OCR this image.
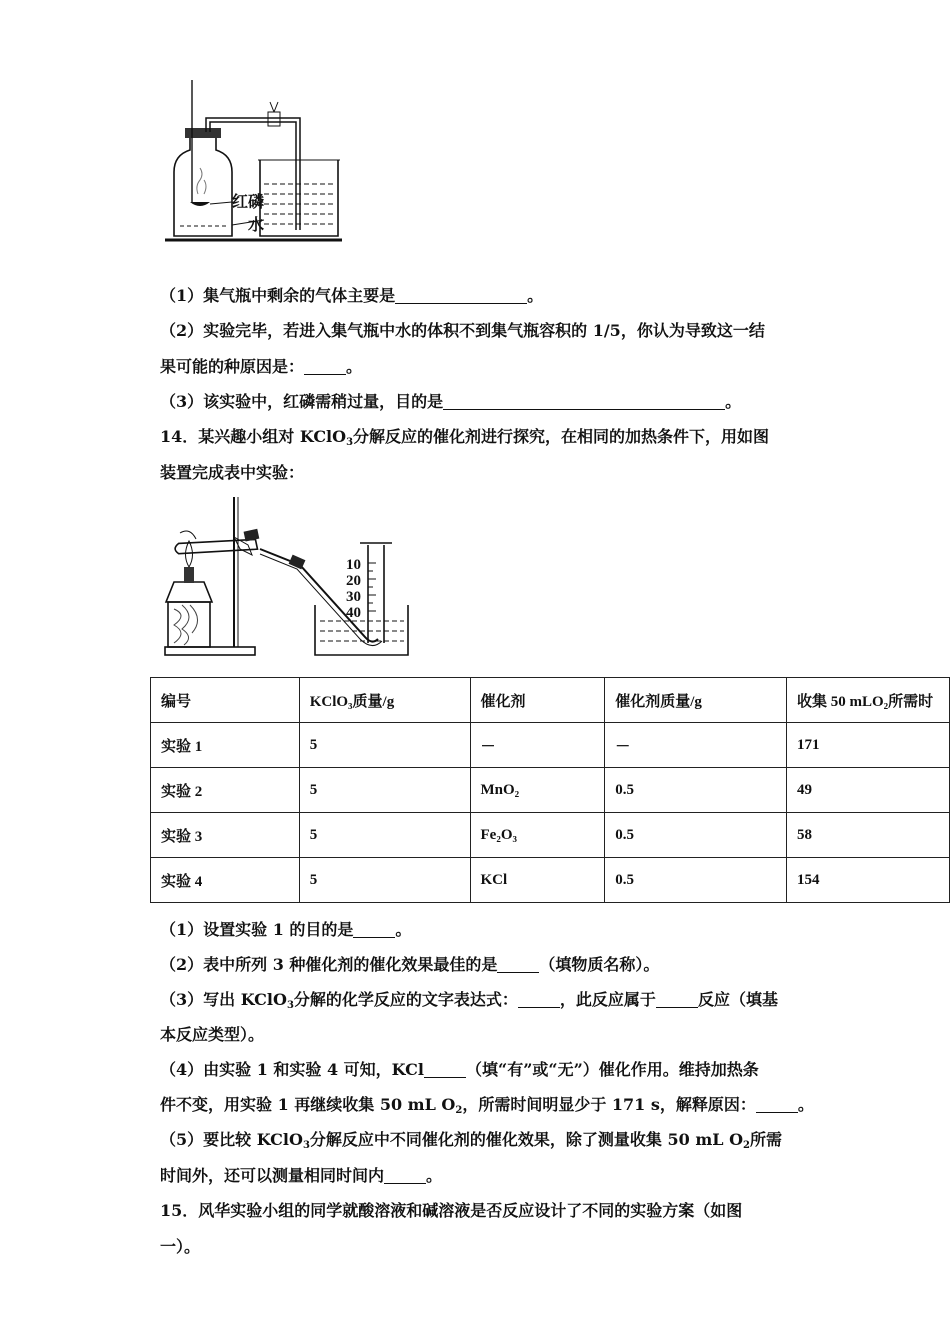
红磷
水
（1）集气瓶中剩余的气体主要是	。
（2）实验完毕，若进入集气瓶中水的体积不到集气瓶容积的 1/5，你认为导致这一结
果可能的种原因是：	。
（3）该实验中，红磷需稍过量，目的是	。
14．某兴趣小组对 KClO$_3$分解反应的催化剂进行探究，在相同的加热条件下，用如图
装置完成表中实验：
10
20
30
40
编号	KClO₃质量/g	催化剂	催化剂质量/g	收集 50 mLO₂所需时
实验 1	5	－	－	171
实验 2	5	MnO₂	0.5	49
实验 3	5	Fe₂O₃	0.5	58
实验 4	5	KCl	0.5	154
（1）设置实验 1 的目的是	。
（2）表中所列 3 种催化剂的催化效果最佳的是	（填物质名称）。
（3）写出 KClO$_3$分解的化学反应的文字表达式：	，此反应属于	反应（填基
本反应类型）。
（4）由实验 1 和实验 4 可知，KCl	（填“有”或“无”）催化作用。维持加热条
件不变，用实验 1 再继续收集 50 mL $O_2$，所需时间明显少于 171 s，解释原因：	。
（5）要比较 KClO$_3$分解反应中不同催化剂的催化效果，除了测量收集 50 mL $O_2$所需
时间外，还可以测量相同时间内	。
15．风华实验小组的同学就酸溶液和碱溶液是否反应设计了不同的实验方案（如图
一）。
